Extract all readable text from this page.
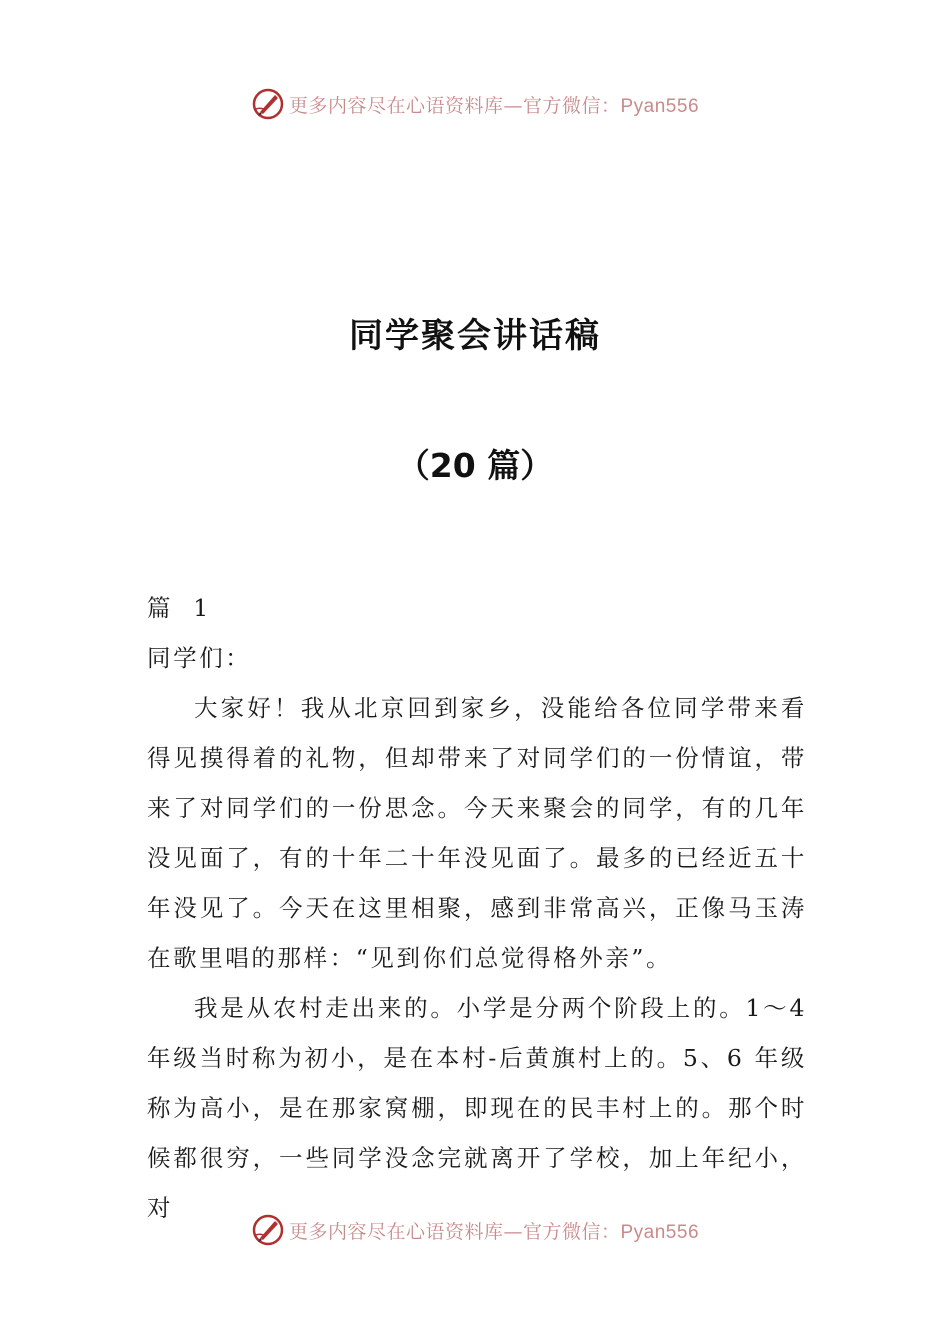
更多内容尽在心语资料库—官方微信：Pyan556
同学聚会讲话稿
（20 篇）

篇  1

同学们：

大家好！我从北京回到家乡，没能给各位同学带来看得见摸得着的礼物，但却带来了对同学们的一份情谊，带来了对同学们的一份思念。今天来聚会的同学，有的几年没见面了，有的十年二十年没见面了。最多的已经近五十年没见了。今天在这里相聚，感到非常高兴，正像马玉涛在歌里唱的那样：“见到你们总觉得格外亲”。

我是从农村走出来的。小学是分两个阶段上的。1～4年级当时称为初小，是在本村-后黄旗村上的。5、6 年级称为高小，是在那家窝棚，即现在的民丰村上的。那个时候都很穷，一些同学没念完就离开了学校，加上年纪小，对

更多内容尽在心语资料库—官方微信：Pyan556
